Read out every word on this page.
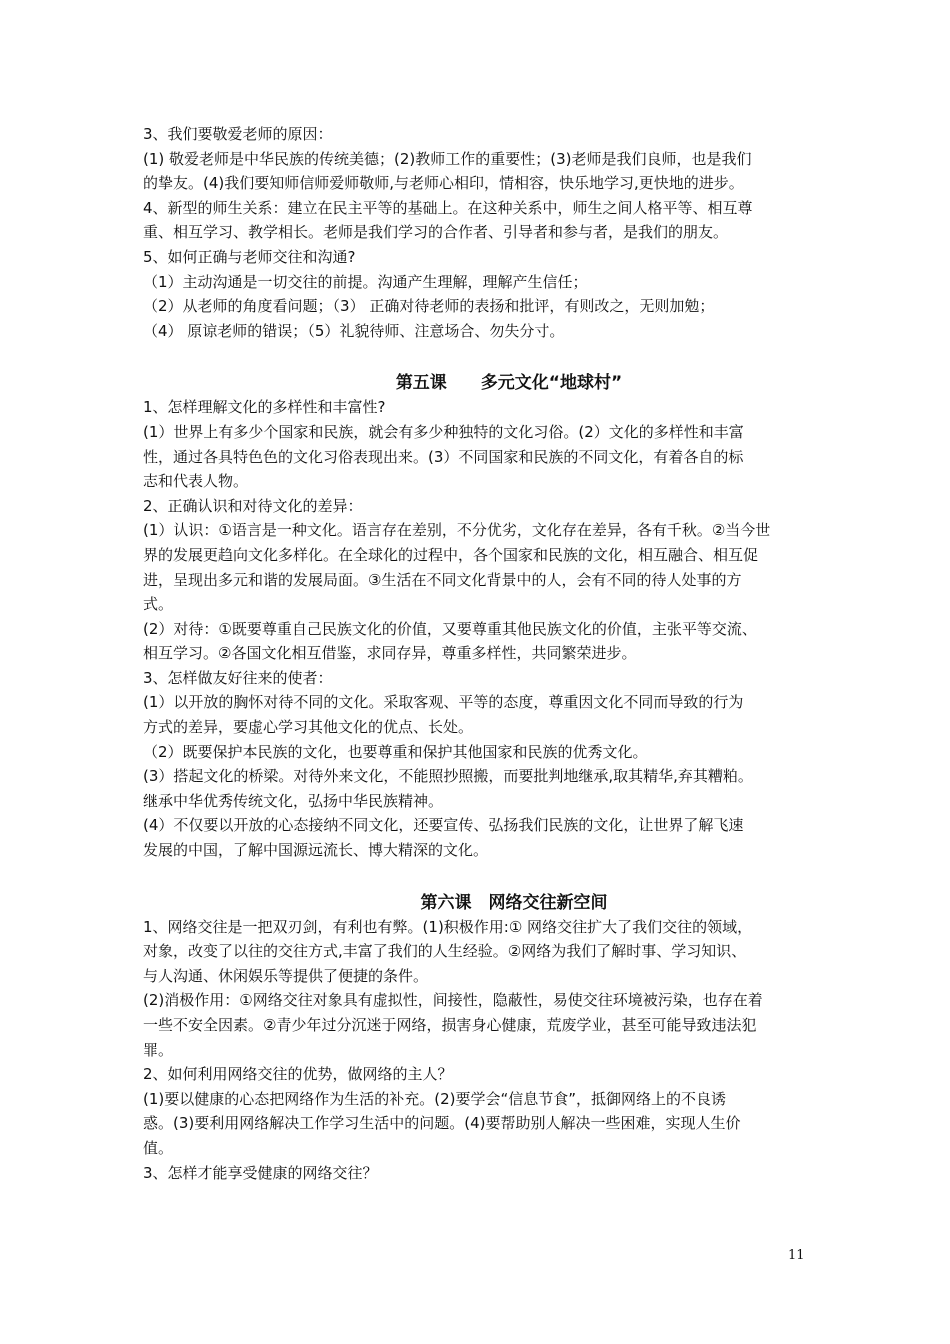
3、我们要敬爱老师的原因：
(1) 敬爱老师是中华民族的传统美德；(2)教师工作的重要性；(3)老师是我们良师，也是我们
的挚友。(4)我们要知师信师爱师敬师,与老师心相印，情相容，快乐地学习,更快地的进步。
4、新型的师生关系：建立在民主平等的基础上。在这种关系中，师生之间人格平等、相互尊
重、相互学习、教学相长。老师是我们学习的合作者、引导者和参与者，是我们的朋友。
5、如何正确与老师交往和沟通?
（1）主动沟通是一切交往的前提。沟通产生理解，理解产生信任；
（2）从老师的角度看问题；（3） 正确对待老师的表扬和批评，有则改之，无则加勉；
（4） 原谅老师的错误；（5）礼貌待师、注意场合、勿失分寸。
第五课　　多元文化“地球村”
1、怎样理解文化的多样性和丰富性?
(1）世界上有多少个国家和民族，就会有多少种独特的文化习俗。(2）文化的多样性和丰富
性，通过各具特色色的文化习俗表现出来。(3）不同国家和民族的不同文化，有着各自的标
志和代表人物。
2、正确认识和对待文化的差异：
(1）认识：①语言是一种文化。语言存在差别，不分优劣，文化存在差异，各有千秋。②当今世
界的发展更趋向文化多样化。在全球化的过程中，各个国家和民族的文化，相互融合、相互促
进，呈现出多元和谐的发展局面。③生活在不同文化背景中的人，会有不同的待人处事的方
式。
(2）对待：①既要尊重自己民族文化的价值，又要尊重其他民族文化的价值，主张平等交流、
相互学习。②各国文化相互借鉴，求同存异，尊重多样性，共同繁荣进步。
3、怎样做友好往来的使者：
(1）以开放的胸怀对待不同的文化。采取客观、平等的态度，尊重因文化不同而导致的行为
方式的差异，要虚心学习其他文化的优点、长处。
（2）既要保护本民族的文化，也要尊重和保护其他国家和民族的优秀文化。
(3）搭起文化的桥梁。对待外来文化，不能照抄照搬，而要批判地继承,取其精华,弃其糟粕。
继承中华优秀传统文化，弘扬中华民族精神。
(4）不仅要以开放的心态接纳不同文化，还要宣传、弘扬我们民族的文化，让世界了解飞速
发展的中国，了解中国源远流长、博大精深的文化。
第六课　网络交往新空间
1、网络交往是一把双刃剑，有利也有弊。(1)积极作用:① 网络交往扩大了我们交往的领域，
对象，改变了以往的交往方式,丰富了我们的人生经验。②网络为我们了解时事、学习知识、
与人沟通、休闲娱乐等提供了便捷的条件。
(2)消极作用：①网络交往对象具有虚拟性，间接性，隐蔽性，易使交往环境被污染，也存在着
一些不安全因素。②青少年过分沉迷于网络，损害身心健康，荒废学业，甚至可能导致违法犯
罪。
2、如何利用网络交往的优势，做网络的主人？
(1)要以健康的心态把网络作为生活的补充。(2)要学会“信息节食”，抵御网络上的不良诱
惑。(3)要利用网络解决工作学习生活中的问题。(4)要帮助别人解决一些困难，实现人生价
值。
3、怎样才能享受健康的网络交往？
11
